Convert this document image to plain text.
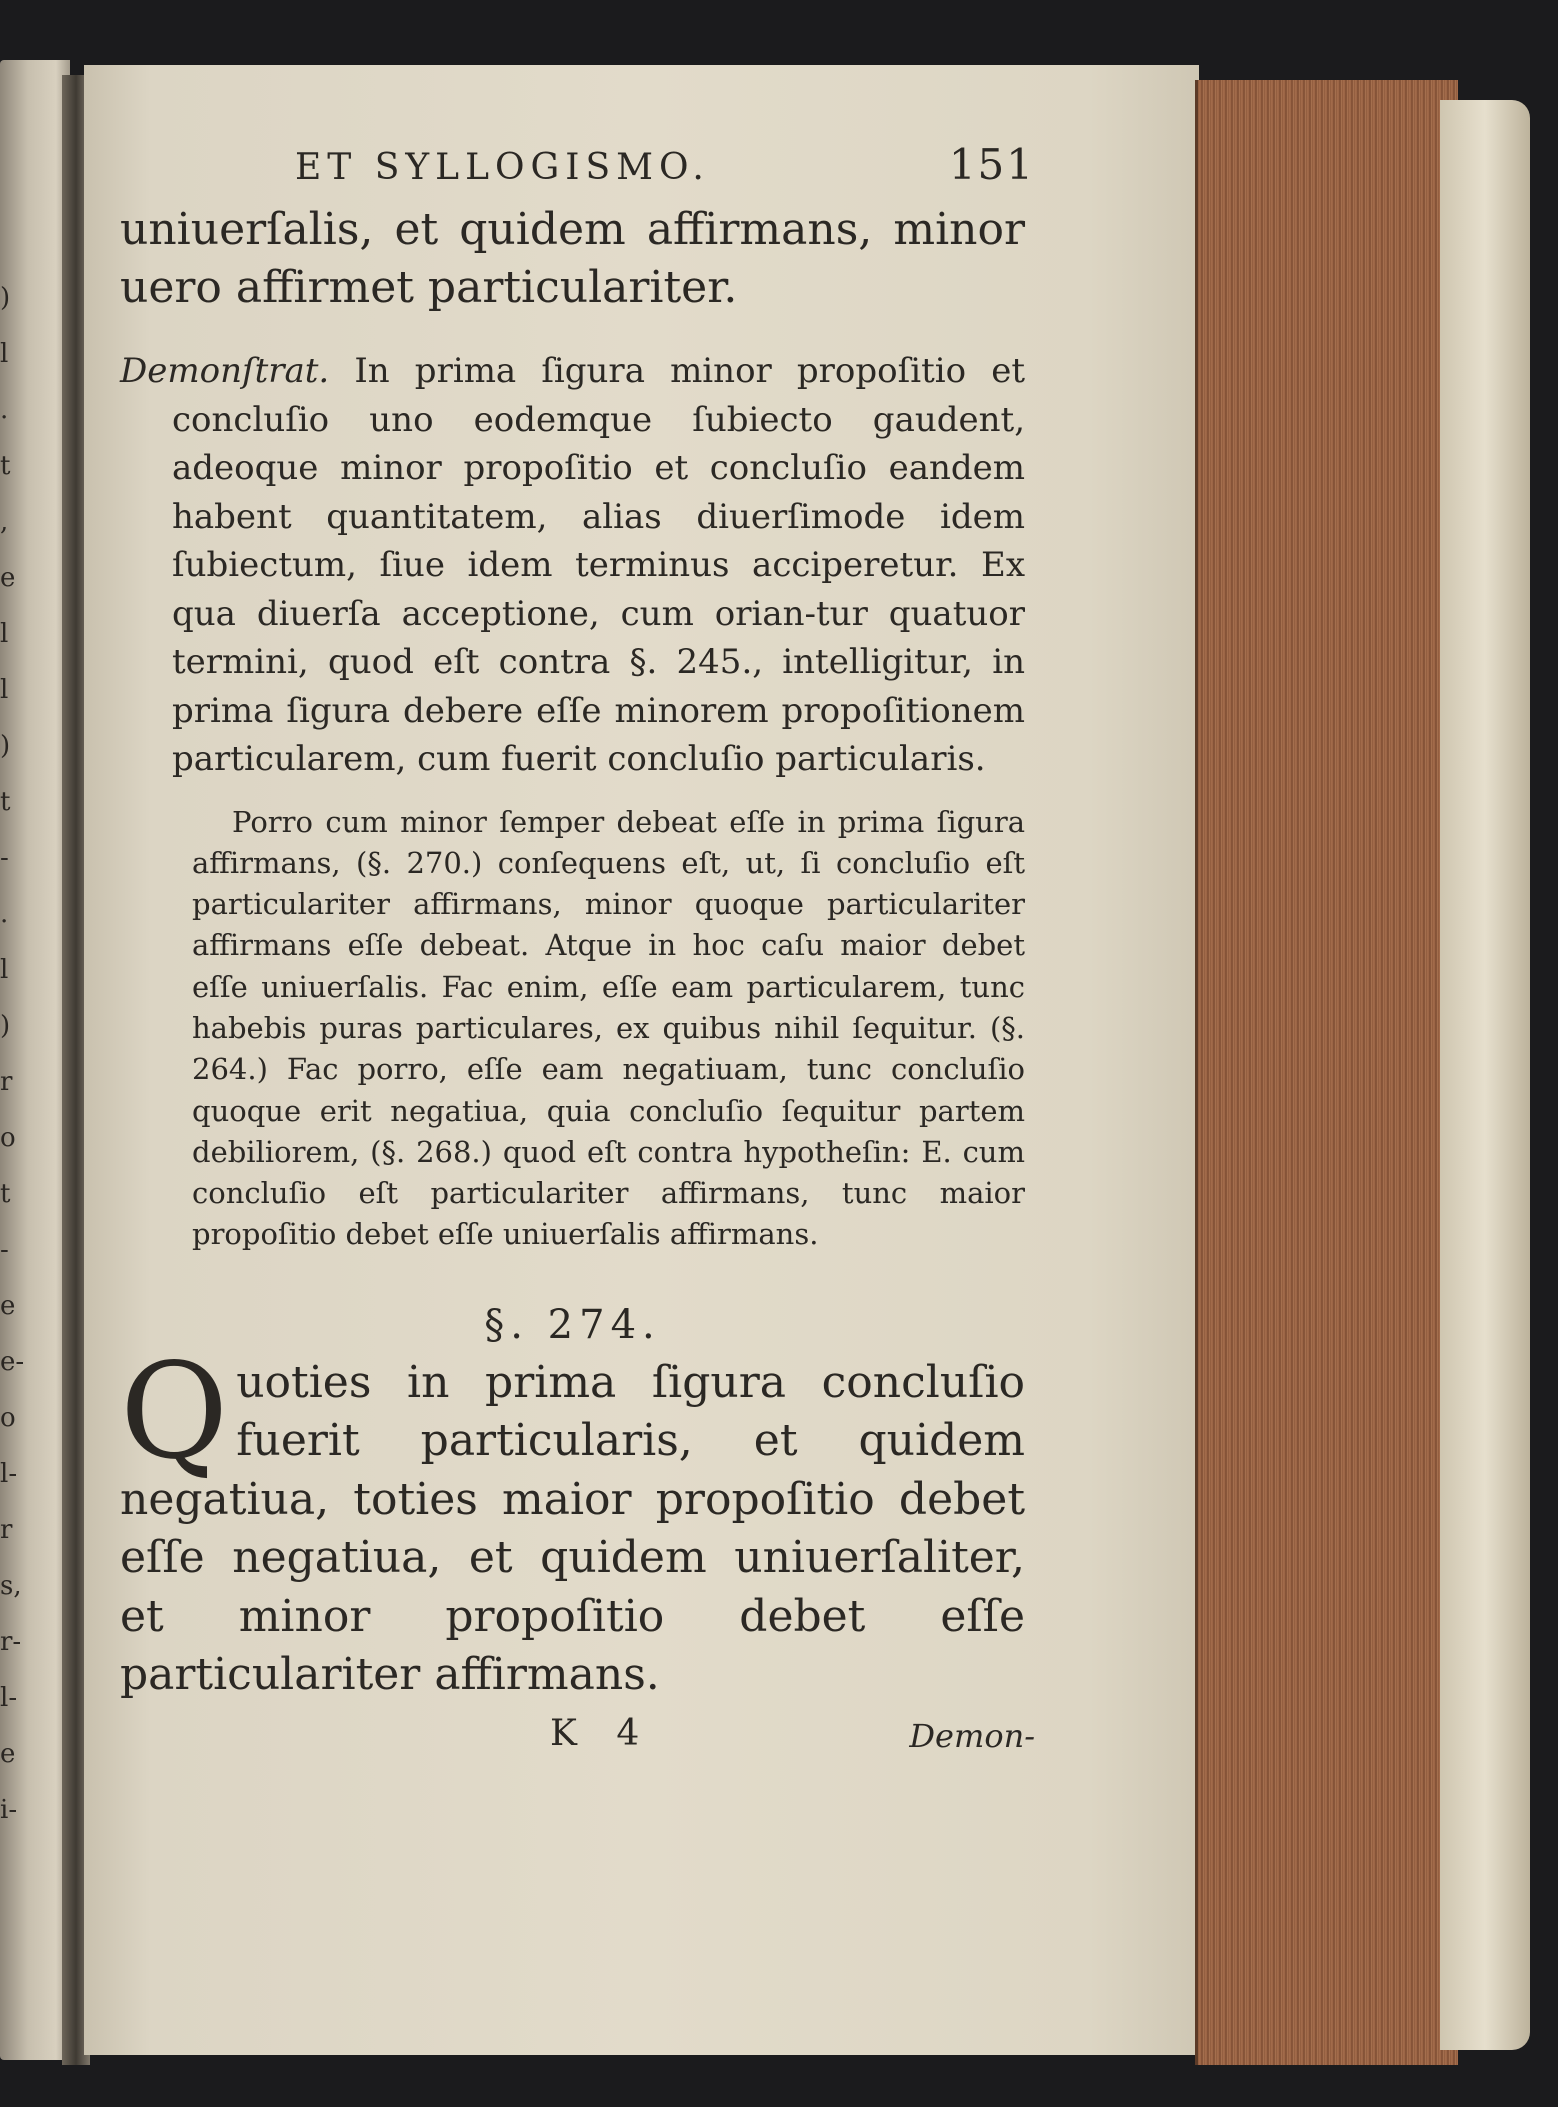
)
l
.
t
,
e
l
l
)
t
-
.
l
)
r
o
t
-
e
e-
o
l-
r
s,
r-
l-
e
i-
ET SYLLOGISMO.	151

uniuerſalis, et quidem affirmans, minor uero affirmet particulariter.

Demonſtrat. In prima ſigura minor propoſitio et concluſio uno eodemque ſubiecto gaudent, adeoque minor propoſitio et concluſio eandem habent quantitatem, alias diuerſimode idem ſubiectum, ſiue idem terminus acciperetur. Ex qua diuerſa acceptione, cum orian-tur quatuor termini, quod eſt contra §. 245., intelligitur, in prima ſigura debere eſſe minorem propoſitionem particularem, cum fuerit concluſio particularis.

Porro cum minor ſemper debeat eſſe in prima ſigura affirmans, (§. 270.) conſequens eſt, ut, ſi concluſio eſt particulariter affirmans, minor quoque particulariter affirmans eſſe debeat. Atque in hoc caſu maior debet eſſe uniuerſalis. Fac enim, eſſe eam particularem, tunc habebis puras particulares, ex quibus nihil ſequitur. (§. 264.) Fac porro, eſſe eam negatiuam, tunc concluſio quoque erit negatiua, quia concluſio ſequitur partem debiliorem, (§. 268.) quod eſt contra hypotheſin: E. cum concluſio eſt particulariter affirmans, tunc maior propoſitio debet eſſe uniuerſalis affirmans.

§. 274.

Q uoties in prima ſigura concluſio fuerit particularis, et quidem negatiua, toties maior propoſitio debet eſſe negatiua, et quidem uniuerſaliter, et minor propoſitio debet eſſe particulariter affirmans.

K 4	Demon-
